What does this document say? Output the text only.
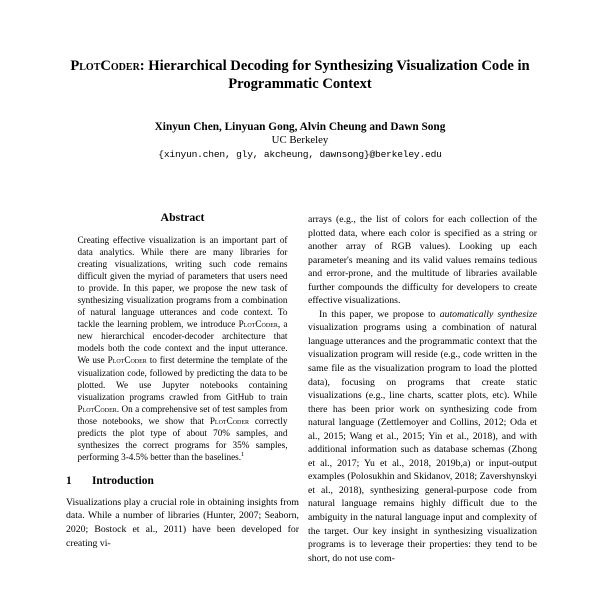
PlotCoder: Hierarchical Decoding for Synthesizing Visualization Code in Programmatic Context
Xinyun Chen, Linyuan Gong, Alvin Cheung and Dawn Song
UC Berkeley
{xinyun.chen, gly, akcheung, dawnsong}@berkeley.edu
Abstract
Creating effective visualization is an important part of data analytics. While there are many libraries for creating visualizations, writing such code remains difficult given the myriad of parameters that users need to provide. In this paper, we propose the new task of synthesizing visualization programs from a combination of natural language utterances and code context. To tackle the learning problem, we introduce PlotCoder, a new hierarchical encoder-decoder architecture that models both the code context and the input utterance. We use PlotCoder to first determine the template of the visualization code, followed by predicting the data to be plotted. We use Jupyter notebooks containing visualization programs crawled from GitHub to train PlotCoder. On a comprehensive set of test samples from those notebooks, we show that PlotCoder correctly predicts the plot type of about 70% samples, and synthesizes the correct programs for 35% samples, performing 3-4.5% better than the baselines.$^1$
1 Introduction

Visualizations play a crucial role in obtaining insights from data. While a number of libraries (Hunter, 2007; Seaborn, 2020; Bostock et al., 2011) have been developed for creating vi-

arrays (e.g., the list of colors for each collection of the plotted data, where each color is specified as a string or another array of RGB values). Looking up each parameter's meaning and its valid values remains tedious and error-prone, and the multitude of libraries available further compounds the difficulty for developers to create effective visualizations.

In this paper, we propose to automatically synthesize visualization programs using a combination of natural language utterances and the programmatic context that the visualization program will reside (e.g., code written in the same file as the visualization program to load the plotted data), focusing on programs that create static visualizations (e.g., line charts, scatter plots, etc). While there has been prior work on synthesizing code from natural language (Zettlemoyer and Collins, 2012; Oda et al., 2015; Wang et al., 2015; Yin et al., 2018), and with additional information such as database schemas (Zhong et al., 2017; Yu et al., 2018, 2019b,a) or input-output examples (Polosukhin and Skidanov, 2018; Zavershynskyi et al., 2018), synthesizing general-purpose code from natural language remains highly difficult due to the ambiguity in the natural language input and complexity of the target. Our key insight in synthesizing visualization programs is to leverage their properties: they tend to be short, do not use com-
